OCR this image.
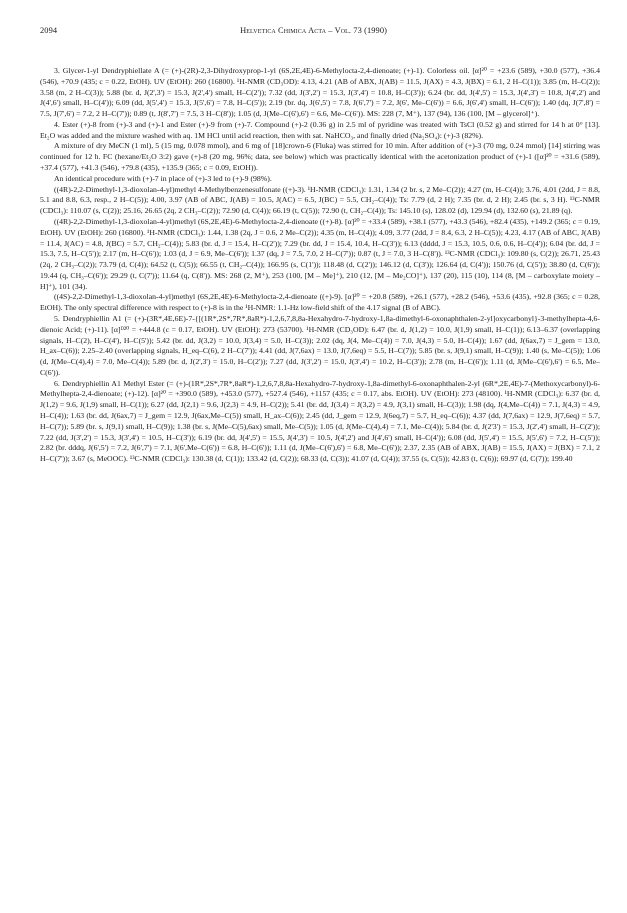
2094	Helvetica Chimica Acta – Vol. 73 (1990)

3. Glycer-1-yl Dendryphiellate A (= (+)-(2R)-2,3-Dihydroxyprop-1-yl (6S,2E,4E)-6-Methylocta-2,4-dienoate; (+)-1). Colorless oil. [α]²⁰ = +23.6 (589), +30.0 (577), +36.4 (546), +70.9 (435; c = 0.22, EtOH). UV (EtOH): 260 (16800). ¹H-NMR (CD₃OD): 4.13, 4.21 (AB of ABX, J(AB) = 11.5, J(AX) = 4.3, J(BX) = 6.1, 2 H–C(1)); 3.85 (m, H–C(2)); 3.58 (m, 2 H–C(3)); 5.88 (br. d, J(2',3') = 15.3, J(2',4') small, H–C(2')); 7.32 (dd, J(3',2') = 15.3, J(3',4') = 10.8, H–C(3')); 6.24 (br. dd, J(4',5') = 15.3, J(4',3') = 10.8, J(4',2') and J(4',6') small, H–C(4')); 6.09 (dd, J(5',4') = 15.3, J(5',6') = 7.8, H–C(5')); 2.19 (br. dq, J(6',5') = 7.8, J(6',7') = 7.2, J(6', Me–C(6')) = 6.6, J(6',4') small, H–C(6')); 1.40 (dq, J(7',8') = 7.5, J(7',6') = 7.2, 2 H–C(7')); 0.89 (t, J(8',7') = 7.5, 3 H–C(8')); 1.05 (d, J(Me–C(6'),6') = 6.6, Me–C(6')). MS: 228 (7, M⁺), 137 (94), 136 (100, [M – glycerol]⁺).

4. Ester (+)-8 from (+)-3 and (+)-1 and Ester (+)-9 from (+)-7. Compound (+)-2 (0.36 g) in 2.5 ml of pyridine was treated with TsCl (0.52 g) and stirred for 14 h at 0° [13]. Et₂O was added and the mixture washed with aq. 1M HCl until acid reaction, then with sat. NaHCO₃, and finally dried (Na₂SO₄): (+)-3 (82%).

A mixture of dry MeCN (1 ml), 5 (15 mg, 0.078 mmol), and 6 mg of [18]crown-6 (Fluka) was stirred for 10 min. After addition of (+)-3 (70 mg, 0.24 mmol) [14] stirring was continued for 12 h. FC (hexane/Et₂O 3:2) gave (+)-8 (20 mg, 96%; data, see below) which was practically identical with the acetonization product of (+)-1 ([α]²⁰ = +31.6 (589), +37.4 (577), +41.3 (546), +79.8 (435), +135.9 (365; c = 0.09, EtOH)).

An identical procedure with (+)-7 in place of (+)-3 led to (+)-9 (98%).

((4R)-2,2-Dimethyl-1,3-dioxolan-4-yl)methyl 4-Methylbenzenesulfonate ((+)-3). ¹H-NMR (CDCl₃): 1.31, 1.34 (2 br. s, 2 Me–C(2)); 4.27 (m, H–C(4)); 3.76, 4.01 (2dd, J = 8.8, 5.1 and 8.8, 6.3, resp., 2 H–C(5)); 4.00, 3.97 (AB of ABC, J(AB) = 10.5, J(AC) = 6.5, J(BC) = 5.5, CH₂–C(4)); Ts: 7.79 (d, 2 H); 7.35 (br. d, 2 H); 2.45 (br. s, 3 H). ¹³C-NMR (CDCl₃): 110.07 (s, C(2)); 25.16, 26.65 (2q, 2 CH₃–C(2)); 72.90 (d, C(4)); 66.19 (t, C(5)); 72.90 (t, CH₂–C(4)); Ts: 145.10 (s), 128.02 (d), 129.94 (d), 132.60 (s), 21.89 (q).

((4R)-2,2-Dimethyl-1,3-dioxolan-4-yl)methyl (6S,2E,4E)-6-Methylocta-2,4-dienoate ((+)-8). [α]²⁰ = +33.4 (589), +38.1 (577), +43.3 (546), +82.4 (435), +149.2 (365; c = 0.19, EtOH). UV (EtOH): 260 (16800). ¹H-NMR (CDCl₃): 1.44, 1.38 (2q, J = 0.6, 2 Me–C(2)); 4.35 (m, H–C(4)); 4.09, 3.77 (2dd, J = 8.4, 6.3, 2 H–C(5)); 4.23, 4.17 (AB of ABC, J(AB) = 11.4, J(AC) = 4.8, J(BC) = 5.7, CH₂–C(4)); 5.83 (br. d, J = 15.4, H–C(2')); 7.29 (br. dd, J = 15.4, 10.4, H–C(3')); 6.13 (dddd, J = 15.3, 10.5, 0.6, 0.6, H–C(4')); 6.04 (br. dd, J = 15.3, 7.5, H–C(5')); 2.17 (m, H–C(6')); 1.03 (d, J = 6.9, Me–C(6')); 1.37 (dq, J = 7.5, 7.0, 2 H–C(7')); 0.87 (t, J = 7.0, 3 H–C(8')). ¹³C-NMR (CDCl₃): 109.80 (s, C(2)); 26.71, 25.43 (2q, 2 CH₃–C(2)); 73.79 (d, C(4)); 64.52 (t, C(5)); 66.55 (t, CH₂–C(4)); 166.95 (s, C(1')); 118.48 (d, C(2')); 146.12 (d, C(3')); 126.64 (d, C(4')); 150.76 (d, C(5')); 38.80 (d, C(6')); 19.44 (q, CH₃–C(6')); 29.29 (t, C(7')); 11.64 (q, C(8')). MS: 268 (2, M⁺), 253 (100, [M – Me]⁺), 210 (12, [M – Me₂CO]⁺), 137 (20), 115 (10), 114 (8, [M – carboxylate moiety – H]⁺), 101 (34).

((4S)-2,2-Dimethyl-1,3-dioxolan-4-yl)methyl (6S,2E,4E)-6-Methylocta-2,4-dienoate ((+)-9). [α]²⁰ = +20.8 (589), +26.1 (577), +28.2 (546), +53.6 (435), +92.8 (365; c = 0.28, EtOH). The only spectral difference with respect to (+)-8 is in the ¹H-NMR: 1.1-Hz low-field shift of the 4.17 signal (B of ABC).

5. Dendryphiellin A1 (= (+)-(3R*,4E,6E)-7-{[(1R*,2S*,7R*,8aR*)-1,2,6,7,8,8a-Hexahydro-7-hydroxy-1,8a-dimethyl-6-oxonaphthalen-2-yl]oxycarbonyl}-3-methylhepta-4,6-dienoic Acid; (+)-11). [α]ᴰ²⁰ = +444.8 (c = 0.17, EtOH). UV (EtOH): 273 (53700). ¹H-NMR (CD₃OD): 6.47 (br. d, J(1,2) = 10.0, J(1,9) small, H–C(1)); 6.13–6.37 (overlapping signals, H–C(2), H–C(4'), H–C(5')); 5.42 (br. dd, J(3,2) = 10.0, J(3,4) = 5.0, H–C(3)); 2.02 (dq, J(4, Me–C(4)) = 7.0, J(4,3) = 5.0, H–C(4)); 1.67 (dd, J(6ax,7) = J_gem = 13.0, H_ax–C(6)); 2.25–2.40 (overlapping signals, H_eq–C(6), 2 H–C(7')); 4.41 (dd, J(7,6ax) = 13.0, J(7,6eq) = 5.5, H–C(7)); 5.85 (br. s, J(9,1) small, H–C(9)); 1.40 (s, Me–C(5)); 1.06 (d, J(Me–C(4),4) = 7.0, Me–C(4)); 5.89 (br. d, J(2',3') = 15.0, H–C(2')); 7.27 (dd, J(3',2') = 15.0, J(3',4') = 10.2, H–C(3')); 2.78 (m, H–C(6')); 1.11 (d, J(Me–C(6'),6') = 6.5, Me–C(6')).

6. Dendryphiellin A1 Methyl Ester (= (+)-(1R*,2S*,7R*,8aR*)-1,2,6,7,8,8a-Hexahydro-7-hydroxy-1,8a-dimethyl-6-oxonaphthalen-2-yl (6R*,2E,4E)-7-(Methoxycarbonyl)-6-Methylhepta-2,4-dienoate; (+)-12). [α]²⁰ = +390.0 (589), +453.0 (577), +527.4 (546), +1157 (435; c = 0.17, abs. EtOH). UV (EtOH): 273 (48100). ¹H-NMR (CDCl₃): 6.37 (br. d, J(1,2) = 9.6, J(1,9) small, H–C(1)); 6.27 (dd, J(2,1) = 9.6, J(2,3) = 4.9, H–C(2)); 5.41 (br. dd, J(3,4) = J(3,2) = 4.9, J(3,1) small, H–C(3)); 1.98 (dq, J(4,Me–C(4)) = 7.1, J(4,3) = 4.9, H–C(4)); 1.63 (br. dd, J(6ax,7) = J_gem = 12.9, J(6ax,Me–C(5)) small, H_ax–C(6)); 2.45 (dd, J_gem = 12.9, J(6eq,7) = 5.7, H_eq–C(6)); 4.37 (dd, J(7,6ax) = 12.9, J(7,6eq) = 5.7, H–C(7)); 5.89 (br. s, J(9,1) small, H–C(9)); 1.38 (br. s, J(Me–C(5),6ax) small, Me–C(5)); 1.05 (d, J(Me–C(4),4) = 7.1, Me–C(4)); 5.84 (br. d, J(2'3') = 15.3, J(2',4') small, H–C(2')); 7.22 (dd, J(3',2') = 15.3, J(3',4') = 10.5, H–C(3')); 6.19 (br. dd, J(4',5') = 15.5, J(4',3') = 10.5, J(4',2') and J(4',6') small, H–C(4')); 6.08 (dd, J(5',4') = 15.5, J(5',6') = 7.2, H–C(5')); 2.82 (br. dddq, J(6',5') = 7.2, J(6',7') = 7.1, J(6',Me–C(6')) = 6.8, H–C(6')); 1.11 (d, J(Me–C(6'),6') = 6.8, Me–C(6')); 2.37, 2.35 (AB of ABX, J(AB) = 15.5, J(AX) = J(BX) = 7.1, 2 H–C(7')); 3.67 (s, MeOOC). ¹³C-NMR (CDCl₃): 130.38 (d, C(1)); 133.42 (d, C(2)); 68.33 (d, C(3)); 41.07 (d, C(4)); 37.55 (s, C(5)); 42.83 (t, C(6)); 69.97 (d, C(7)); 199.40
